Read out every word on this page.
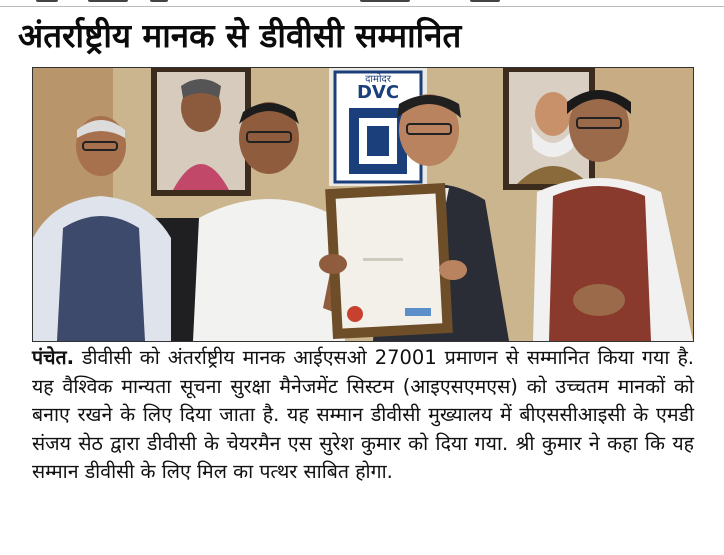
अंतर्राष्ट्रीय मानक से डीवीसी सम्मानित
दामोदर
DVC
पंचेत. डीवीसी को अंतर्राष्ट्रीय मानक आईएसओ 27001 प्रमाणन से सम्मानित किया गया है. यह वैश्विक मान्यता सूचना सुरक्षा मैनेजमेंट सिस्टम (आइएसएमएस) को उच्चतम मानकों को बनाए रखने के लिए दिया जाता है. यह सम्मान डीवीसी मुख्यालय में बीएससीआइसी के एमडी संजय सेठ द्वारा डीवीसी के चेयरमैन एस सुरेश कुमार को दिया गया. श्री कुमार ने कहा कि यह सम्मान डीवीसी के लिए मिल का पत्थर साबित होगा.
